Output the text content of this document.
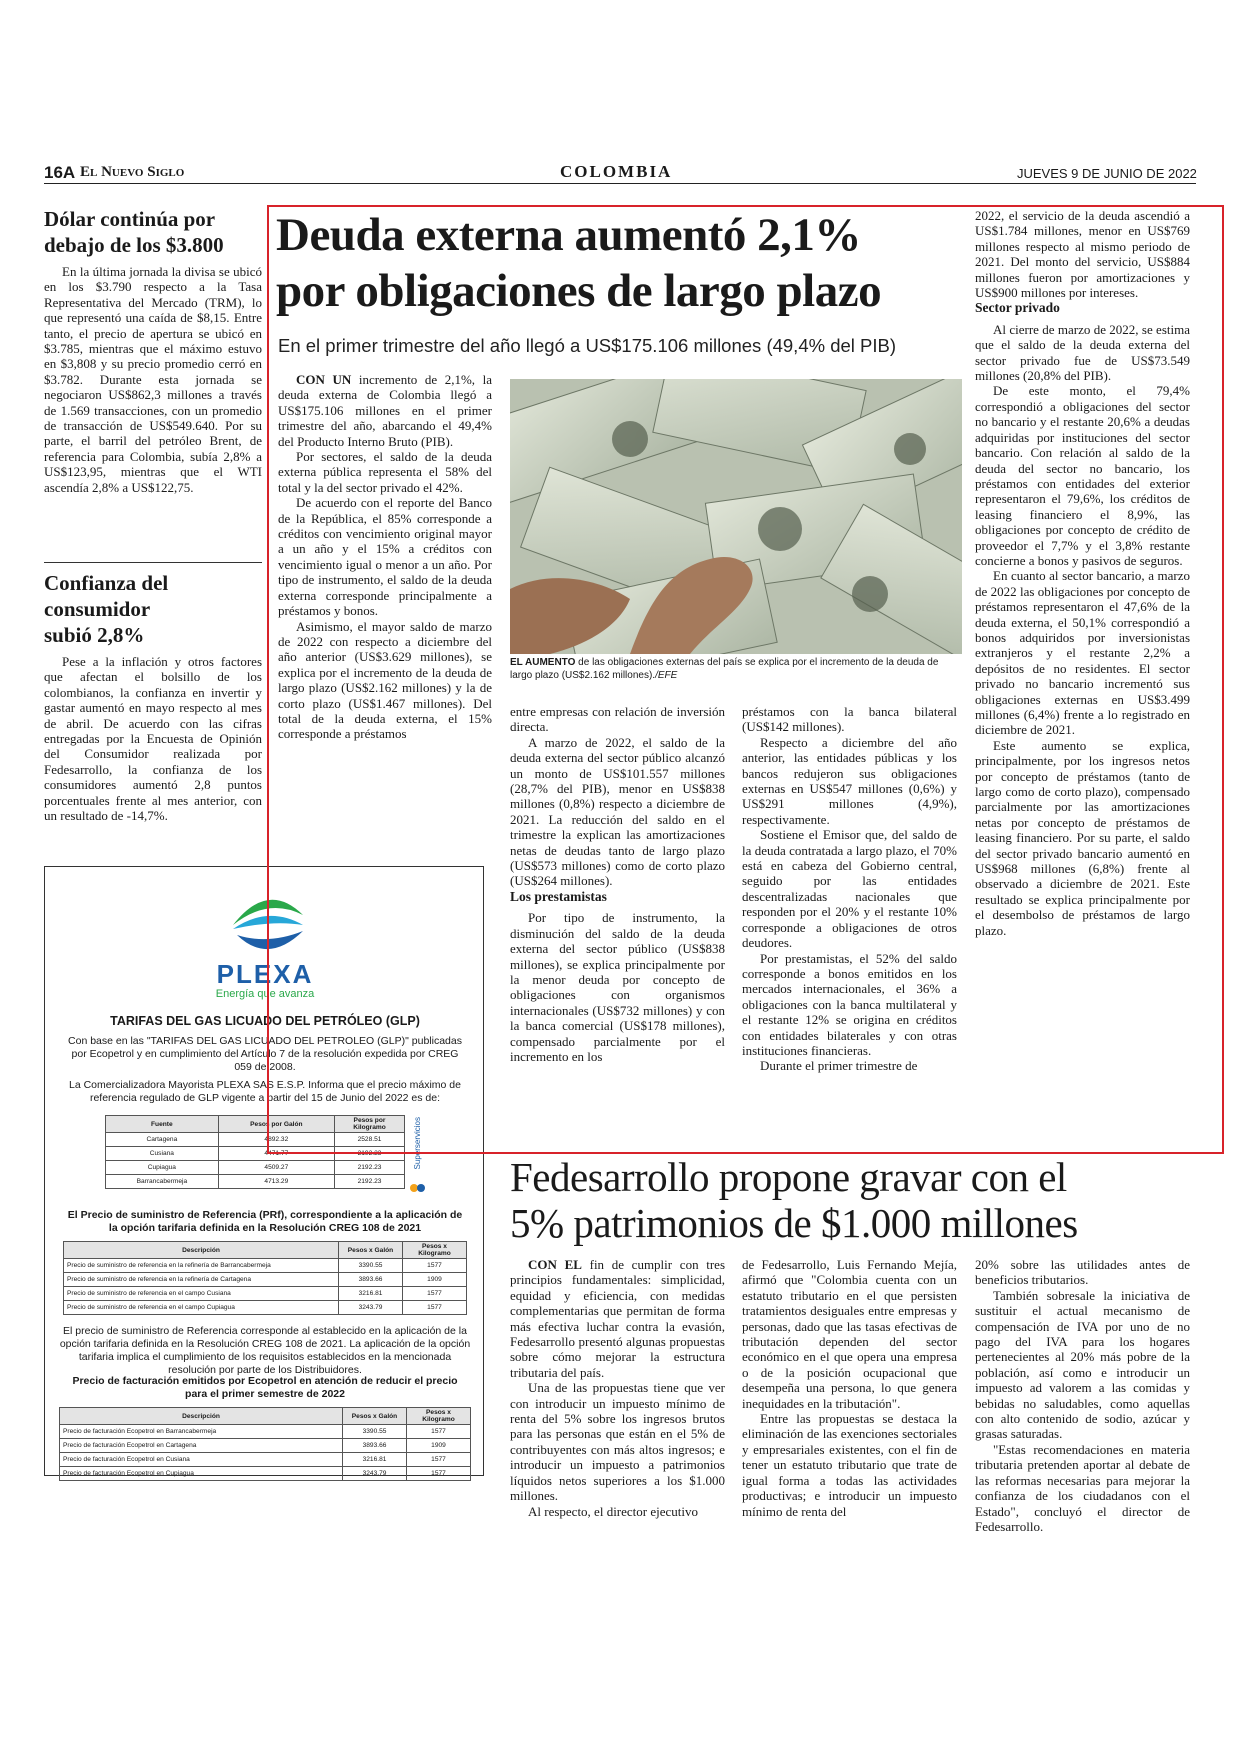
16A El Nuevo Siglo	COLOMBIA	JUEVES 9 DE JUNIO DE 2022
Dólar continúa por debajo de los $3.800

En la última jornada la divisa se ubicó en los $3.790 respecto a la Tasa Representativa del Mercado (TRM), lo que representó una caída de $8,15. Entre tanto, el precio de apertura se ubicó en $3.785, mientras que el máximo estuvo en $3,808 y su precio promedio cerró en $3.782. Durante esta jornada se negociaron US$862,3 millones a través de 1.569 transacciones, con un promedio de transacción de US$549.640. Por su parte, el barril del petróleo Brent, de referencia para Colombia, subía 2,8% a US$123,95, mientras que el WTI ascendía 2,8% a US$122,75.

Confianza del consumidor subió 2,8%

Pese a la inflación y otros factores que afectan el bolsillo de los colombianos, la confianza en invertir y gastar aumentó en mayo respecto al mes de abril. De acuerdo con las cifras entregadas por la Encuesta de Opinión del Consumidor realizada por Fedesarrollo, la confianza de los consumidores aumentó 2,8 puntos porcentuales frente al mes anterior, con un resultado de -14,7%.

PLEXA
Energía que avanza
TARIFAS DEL GAS LICUADO DEL PETRÓLEO (GLP)
Con base en las "TARIFAS DEL GAS LICUADO DEL PETROLEO (GLP)" publicadas por Ecopetrol y en cumplimiento del Artículo 7 de la resolución expedida por CREG 059 de 2008.
La Comercializadora Mayorista PLEXA SAS E.S.P. Informa que el precio máximo de referencia regulado de GLP vigente a partir del 15 de Junio del 2022 es de:
Fuente	Pesos por Galón	Pesos por Kilogramo
Cartagena	4892.32	2528.51
Cusiana	4471.77	2192.23
Cupiagua	4509.27	2192.23
Barrancabermeja	4713.29	2192.23
Superservicios
El Precio de suministro de Referencia (PRf), correspondiente a la aplicación de la opción tarifaria definida en la Resolución CREG 108 de 2021
Descripción	Pesos x Galón	Pesos x Kilogramo
Precio de suministro de referencia en la refinería de Barrancabermeja	3390.55	1577
Precio de suministro de referencia en la refinería de Cartagena	3893.66	1909
Precio de suministro de referencia en el campo Cusiana	3216.81	1577
Precio de suministro de referencia en el campo Cupiagua	3243.79	1577
El precio de suministro de Referencia corresponde al establecido en la aplicación de la opción tarifaria definida en la Resolución CREG 108 de 2021. La aplicación de la opción tarifaria implica el cumplimiento de los requisitos establecidos en la mencionada resolución por parte de los Distribuidores.
Precio de facturación emitidos por Ecopetrol en atención de reducir el precio para el primer semestre de 2022
Descripción	Pesos x Galón	Pesos x Kilogramo
Precio de facturación Ecopetrol en Barrancabermeja	3390.55	1577
Precio de facturación Ecopetrol en Cartagena	3893.66	1909
Precio de facturación Ecopetrol en Cusiana	3216.81	1577
Precio de facturación Ecopetrol en Cupiagua	3243.79	1577
Deuda externa aumentó 2,1%
por obligaciones de largo plazo
En el primer trimestre del año llegó a US$175.106 millones (49,4% del PIB)

CON UN incremento de 2,1%, la deuda externa de Colombia llegó a US$175.106 millones en el primer trimestre del año, abarcando el 49,4% del Producto Interno Bruto (PIB).

Por sectores, el saldo de la deuda externa pública representa el 58% del total y la del sector privado el 42%.

De acuerdo con el reporte del Banco de la República, el 85% corresponde a créditos con vencimiento original mayor a un año y el 15% a créditos con vencimiento igual o menor a un año. Por tipo de instrumento, el saldo de la deuda externa corresponde principalmente a préstamos y bonos.

Asimismo, el mayor saldo de marzo de 2022 con respecto a diciembre del año anterior (US$3.629 millones), se explica por el incremento de la deuda de largo plazo (US$2.162 millones) y la de corto plazo (US$1.467 millones). Del total de la deuda externa, el 15% corresponde a préstamos

EL AUMENTO de las obligaciones externas del país se explica por el incremento de la deuda de largo plazo (US$2.162 millones)./EFE

entre empresas con relación de inversión directa.

A marzo de 2022, el saldo de la deuda externa del sector público alcanzó un monto de US$101.557 millones (28,7% del PIB), menor en US$838 millones (0,8%) respecto a diciembre de 2021. La reducción del saldo en el trimestre la explican las amortizaciones netas de deudas tanto de largo plazo (US$573 millones) como de corto plazo (US$264 millones).

Los prestamistas

Por tipo de instrumento, la disminución del saldo de la deuda externa del sector público (US$838 millones), se explica principalmente por la menor deuda por concepto de obligaciones con organismos internacionales (US$732 millones) y con la banca comercial (US$178 millones), compensado parcialmente por el incremento en los

préstamos con la banca bilateral (US$142 millones).

Respecto a diciembre del año anterior, las entidades públicas y los bancos redujeron sus obligaciones externas en US$547 millones (0,6%) y US$291 millones (4,9%), respectivamente.

Sostiene el Emisor que, del saldo de la deuda contratada a largo plazo, el 70% está en cabeza del Gobierno central, seguido por las entidades descentralizadas nacionales que responden por el 20% y el restante 10% corresponde a obligaciones de otros deudores.

Por prestamistas, el 52% del saldo corresponde a bonos emitidos en los mercados internacionales, el 36% a obligaciones con la banca multilateral y el restante 12% se origina en créditos con entidades bilaterales y con otras instituciones financieras.

Durante el primer trimestre de

2022, el servicio de la deuda ascendió a US$1.784 millones, menor en US$769 millones respecto al mismo periodo de 2021. Del monto del servicio, US$884 millones fueron por amortizaciones y US$900 millones por intereses.

Sector privado

Al cierre de marzo de 2022, se estima que el saldo de la deuda externa del sector privado fue de US$73.549 millones (20,8% del PIB).

De este monto, el 79,4% correspondió a obligaciones del sector no bancario y el restante 20,6% a deudas adquiridas por instituciones del sector bancario. Con relación al saldo de la deuda del sector no bancario, los préstamos con entidades del exterior representaron el 79,6%, los créditos de leasing financiero el 8,9%, las obligaciones por concepto de crédito de proveedor el 7,7% y el 3,8% restante concierne a bonos y pasivos de seguros.

En cuanto al sector bancario, a marzo de 2022 las obligaciones por concepto de préstamos representaron el 47,6% de la deuda externa, el 50,1% correspondió a bonos adquiridos por inversionistas extranjeros y el restante 2,2% a depósitos de no residentes. El sector privado no bancario incrementó sus obligaciones externas en US$3.499 millones (6,4%) frente a lo registrado en diciembre de 2021.

Este aumento se explica, principalmente, por los ingresos netos por concepto de préstamos (tanto de largo como de corto plazo), compensado parcialmente por las amortizaciones netas por concepto de préstamos de leasing financiero. Por su parte, el saldo del sector privado bancario aumentó en US$968 millones (6,8%) frente al observado a diciembre de 2021. Este resultado se explica principalmente por el desembolso de préstamos de largo plazo.

Fedesarrollo propone gravar con el
5% patrimonios de $1.000 millones

CON EL fin de cumplir con tres principios fundamentales: simplicidad, equidad y eficiencia, con medidas complementarias que permitan de forma más efectiva luchar contra la evasión, Fedesarrollo presentó algunas propuestas sobre cómo mejorar la estructura tributaria del país.

Una de las propuestas tiene que ver con introducir un impuesto mínimo de renta del 5% sobre los ingresos brutos para las personas que están en el 5% de contribuyentes con más altos ingresos; e introducir un impuesto a patrimonios líquidos netos superiores a los $1.000 millones.

Al respecto, el director ejecutivo

de Fedesarrollo, Luis Fernando Mejía, afirmó que "Colombia cuenta con un estatuto tributario en el que persisten tratamientos desiguales entre empresas y personas, dado que las tasas efectivas de tributación dependen del sector económico en el que opera una empresa o de la posición ocupacional que desempeña una persona, lo que genera inequidades en la tributación".

Entre las propuestas se destaca la eliminación de las exenciones sectoriales y empresariales existentes, con el fin de tener un estatuto tributario que trate de igual forma a todas las actividades productivas; e introducir un impuesto mínimo de renta del

20% sobre las utilidades antes de beneficios tributarios.

También sobresale la iniciativa de sustituir el actual mecanismo de compensación de IVA por uno de no pago del IVA para los hogares pertenecientes al 20% más pobre de la población, así como e introducir un impuesto ad valorem a las comidas y bebidas no saludables, como aquellas con alto contenido de sodio, azúcar y grasas saturadas.

"Estas recomendaciones en materia tributaria pretenden aportar al debate de las reformas necesarias para mejorar la confianza de los ciudadanos con el Estado", concluyó el director de Fedesarrollo.
